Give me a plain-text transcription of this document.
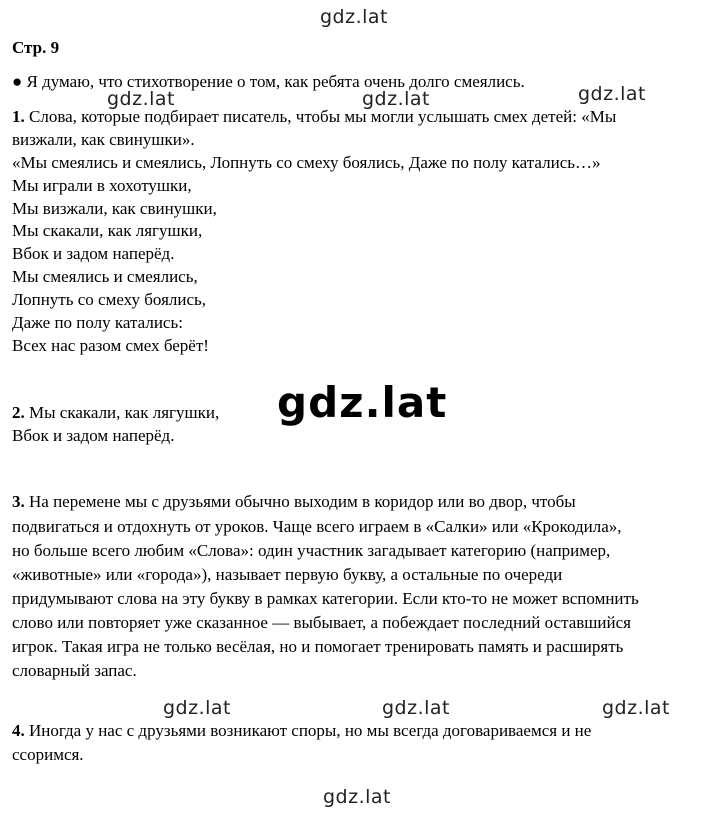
gdz.lat
gdz.lat	gdz.lat	gdz.lat
gdz.lat
gdz.lat	gdz.lat	gdz.lat
gdz.lat
Стр. 9
● Я думаю, что стихотворение о том, как ребята очень долго смеялись.
1. Слова, которые подбирает писатель, чтобы мы могли услышать смех детей: «Мы
визжали, как свинушки».
«Мы смеялись и смеялись, Лопнуть со смеху боялись, Даже по полу катались…»
Мы играли в хохотушки,
Мы визжали, как свинушки,
Мы скакали, как лягушки,
Вбок и задом наперёд.
Мы смеялись и смеялись,
Лопнуть со смеху боялись,
Даже по полу катались:
Всех нас разом смех берёт!
2. Мы скакали, как лягушки,
Вбок и задом наперёд.
3. На перемене мы с друзьями обычно выходим в коридор или во двор, чтобы
подвигаться и отдохнуть от уроков. Чаще всего играем в «Салки» или «Крокодила»,
но больше всего любим «Слова»: один участник загадывает категорию (например,
«животные» или «города»), называет первую букву, а остальные по очереди
придумывают слова на эту букву в рамках категории. Если кто-то не может вспомнить
слово или повторяет уже сказанное — выбывает, а побеждает последний оставшийся
игрок. Такая игра не только весёлая, но и помогает тренировать память и расширять
словарный запас.
4. Иногда у нас с друзьями возникают споры, но мы всегда договариваемся и не
ссоримся.
